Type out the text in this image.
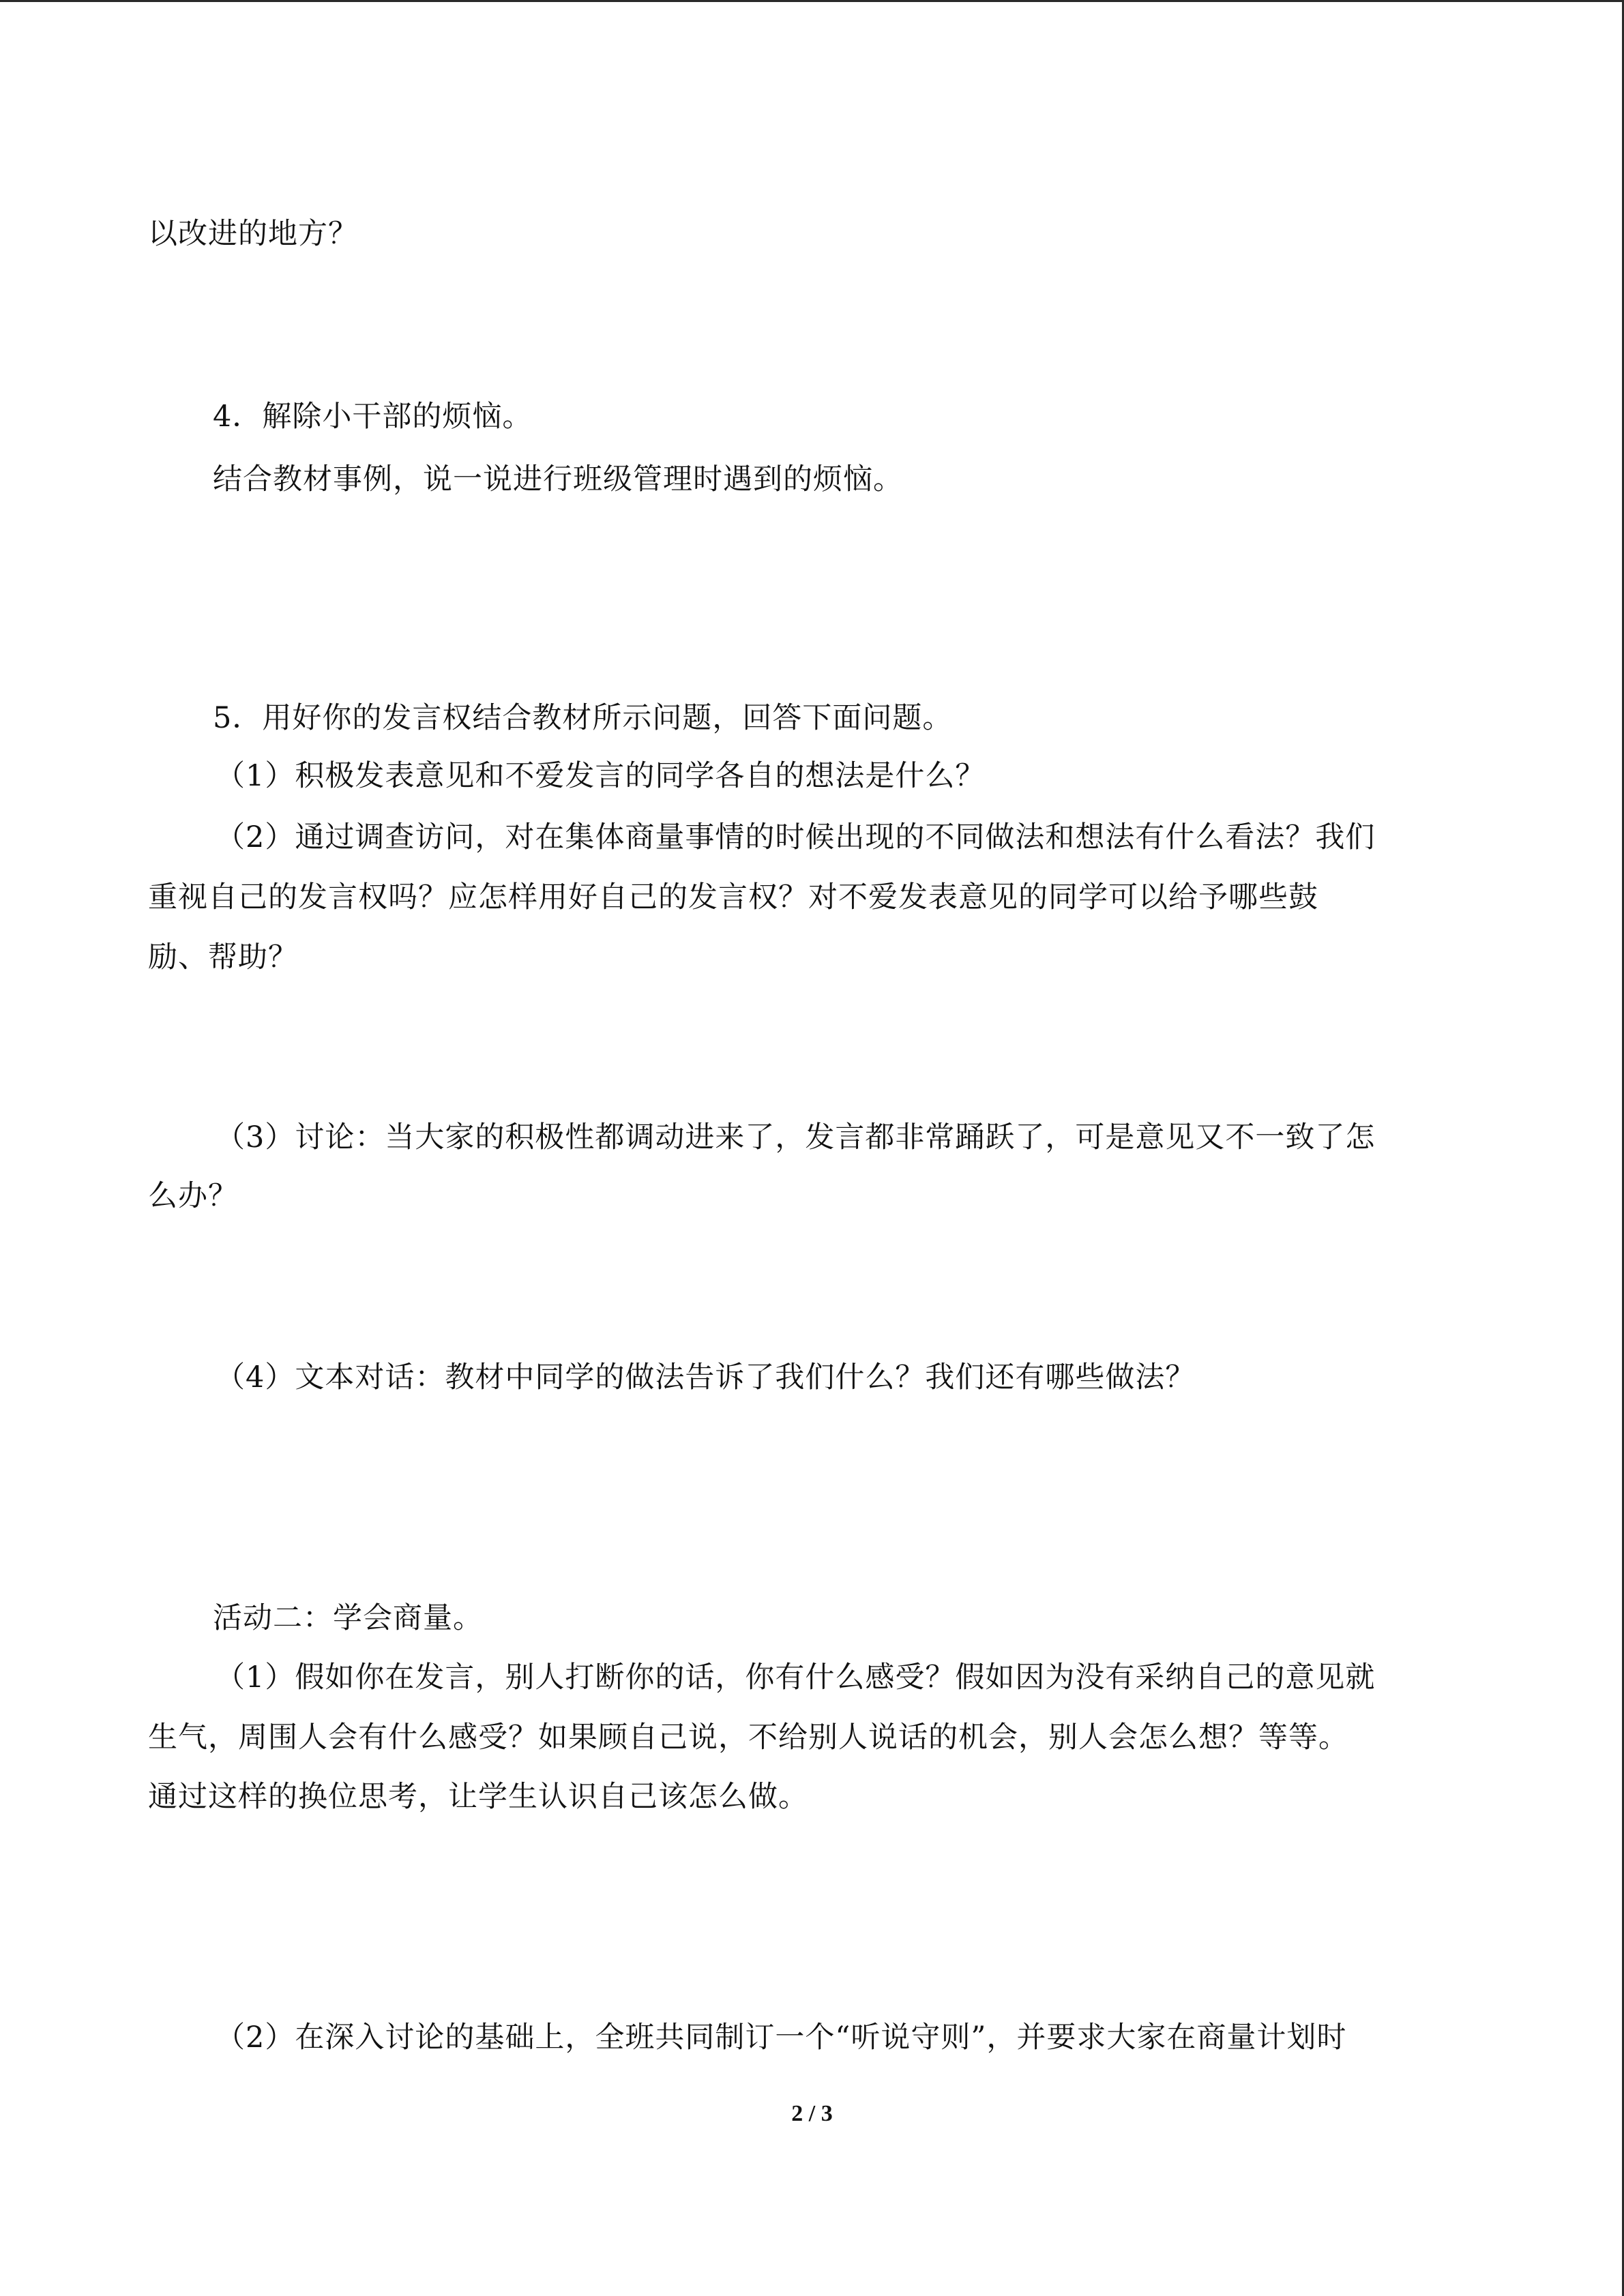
以改进的地方？
4．解除小干部的烦恼。
结合教材事例，说一说进行班级管理时遇到的烦恼。
5．用好你的发言权结合教材所示问题，回答下面问题。
（1）积极发表意见和不爱发言的同学各自的想法是什么？
（2）通过调查访问，对在集体商量事情的时候出现的不同做法和想法有什么看法？我们
重视自己的发言权吗？应怎样用好自己的发言权？对不爱发表意见的同学可以给予哪些鼓
励、帮助？
（3）讨论：当大家的积极性都调动进来了，发言都非常踊跃了，可是意见又不一致了怎
么办？
（4）文本对话：教材中同学的做法告诉了我们什么？我们还有哪些做法？
活动二：学会商量。
（1）假如你在发言，别人打断你的话，你有什么感受？假如因为没有采纳自己的意见就
生气，周围人会有什么感受？如果顾自己说，不给别人说话的机会，别人会怎么想？等等。
通过这样的换位思考，让学生认识自己该怎么做。
（2）在深入讨论的基础上，全班共同制订一个“听说守则”，并要求大家在商量计划时
2 / 3
